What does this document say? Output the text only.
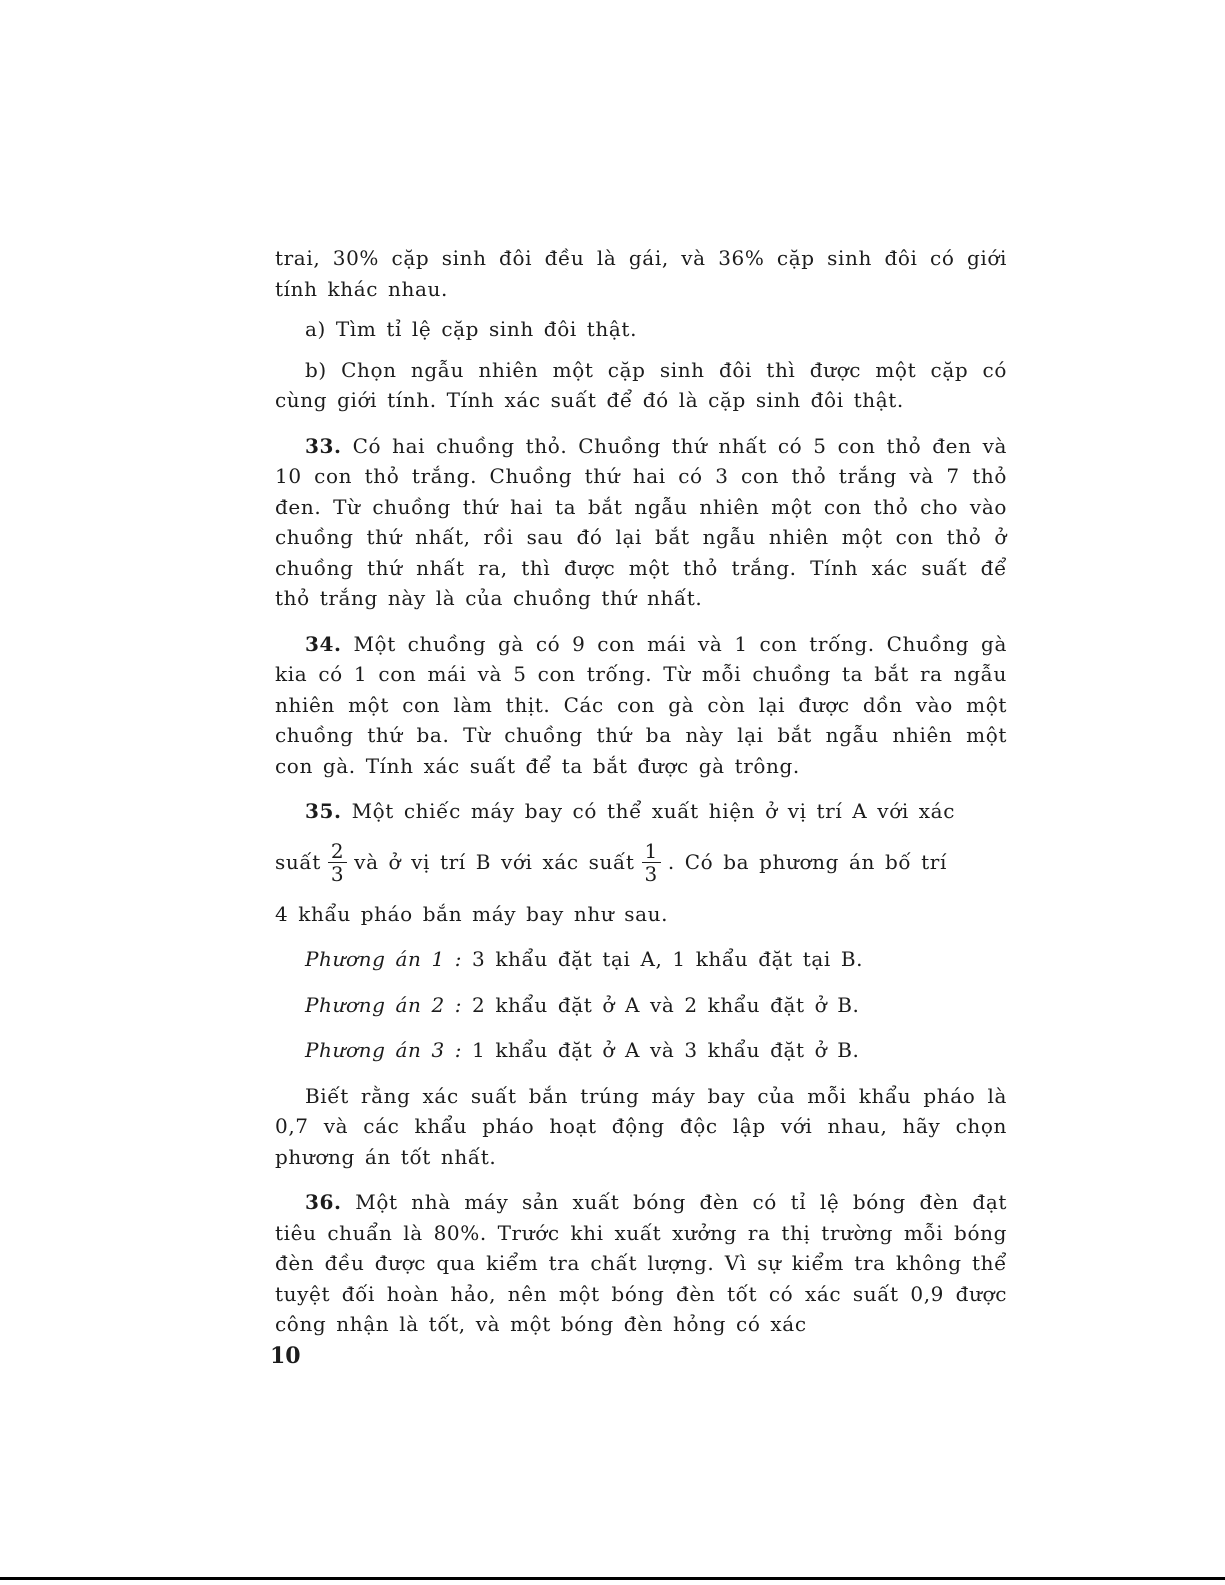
trai, 30% cặp sinh đôi đều là gái, và 36% cặp sinh đôi có giới tính khác nhau.

a) Tìm tỉ lệ cặp sinh đôi thật.

b) Chọn ngẫu nhiên một cặp sinh đôi thì được một cặp có cùng giới tính. Tính xác suất để đó là cặp sinh đôi thật.

33. Có hai chuồng thỏ. Chuồng thứ nhất có 5 con thỏ đen và 10 con thỏ trắng. Chuồng thứ hai có 3 con thỏ trắng và 7 thỏ đen. Từ chuồng thứ hai ta bắt ngẫu nhiên một con thỏ cho vào chuồng thứ nhất, rồi sau đó lại bắt ngẫu nhiên một con thỏ ở chuồng thứ nhất ra, thì được một thỏ trắng. Tính xác suất để thỏ trắng này là của chuồng thứ nhất.

34. Một chuồng gà có 9 con mái và 1 con trống. Chuồng gà kia có 1 con mái và 5 con trống. Từ mỗi chuồng ta bắt ra ngẫu nhiên một con làm thịt. Các con gà còn lại được dồn vào một chuồng thứ ba. Từ chuồng thứ ba này lại bắt ngẫu nhiên một con gà. Tính xác suất để ta bắt được gà trông.

35. Một chiếc máy bay có thể xuất hiện ở vị trí A với xác

suất $\frac{2}{3}$ và ở vị trí B với xác suất $\frac{1}{3}$ . Có ba phương án bố trí

4 khẩu pháo bắn máy bay như sau.

Phương án 1 : 3 khẩu đặt tại A, 1 khẩu đặt tại B.

Phương án 2 : 2 khẩu đặt ở A và 2 khẩu đặt ở B.

Phương án 3 : 1 khẩu đặt ở A và 3 khẩu đặt ở B.

Biết rằng xác suất bắn trúng máy bay của mỗi khẩu pháo là 0,7 và các khẩu pháo hoạt động độc lập với nhau, hãy chọn phương án tốt nhất.

36. Một nhà máy sản xuất bóng đèn có tỉ lệ bóng đèn đạt tiêu chuẩn là 80%. Trước khi xuất xưởng ra thị trường mỗi bóng đèn đều được qua kiểm tra chất lượng. Vì sự kiểm tra không thể tuyệt đối hoàn hảo, nên một bóng đèn tốt có xác suất 0,9 được công nhận là tốt, và một bóng đèn hỏng có xác

10
